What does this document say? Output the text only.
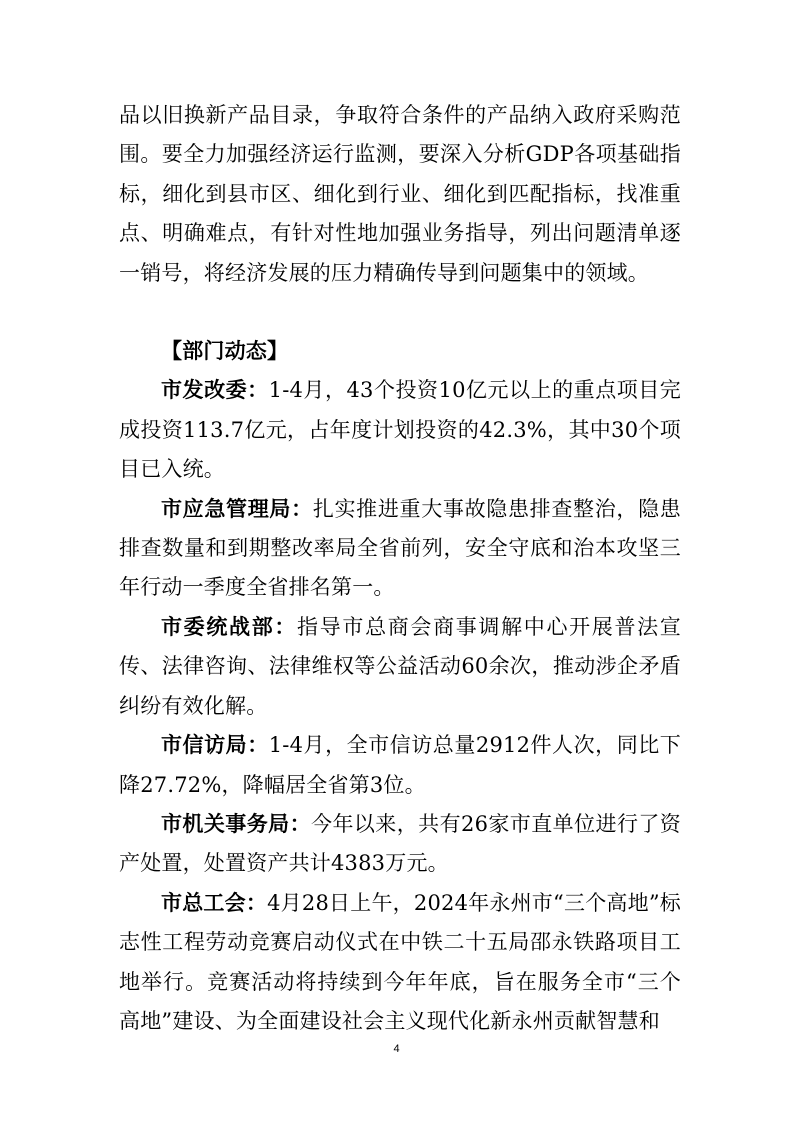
品以旧换新产品目录，争取符合条件的产品纳入政府采购范围。要全力加强经济运行监测，要深入分析GDP各项基础指标，细化到县市区、细化到行业、细化到匹配指标，找准重点、明确难点，有针对性地加强业务指导，列出问题清单逐一销号，将经济发展的压力精确传导到问题集中的领域。

【部门动态】

市发改委：1-4月，43个投资10亿元以上的重点项目完成投资113.7亿元，占年度计划投资的42.3%，其中30个项目已入统。

市应急管理局：扎实推进重大事故隐患排查整治，隐患排查数量和到期整改率局全省前列，安全守底和治本攻坚三年行动一季度全省排名第一。

市委统战部：指导市总商会商事调解中心开展普法宣传、法律咨询、法律维权等公益活动60余次，推动涉企矛盾纠纷有效化解。

市信访局：1-4月，全市信访总量2912件人次，同比下降27.72%，降幅居全省第3位。

市机关事务局：今年以来，共有26家市直单位进行了资产处置，处置资产共计4383万元。

市总工会：4月28日上午，2024年永州市“三个高地”标志性工程劳动竞赛启动仪式在中铁二十五局邵永铁路项目工地举行。竞赛活动将持续到今年年底，旨在服务全市“三个高地”建设、为全面建设社会主义现代化新永州贡献智慧和

4
